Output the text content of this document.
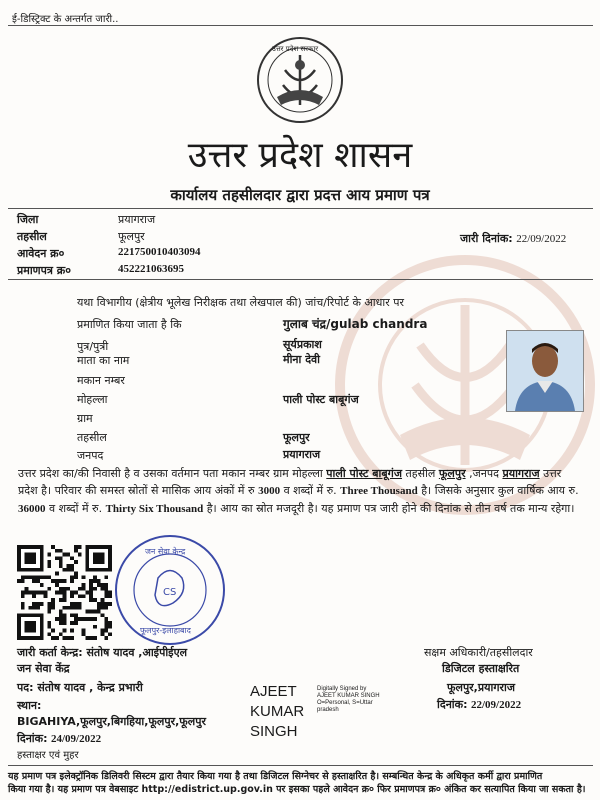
ई-डिस्ट्रिक्ट के अन्तर्गत जारी..
उत्तर प्रदेश सरकार
उत्तर प्रदेश शासन
कार्यालय तहसीलदार द्वारा प्रदत्त आय प्रमाण पत्र
जिला	प्रयागराज
तहसील	फूलपुर
आवेदन क्र०	221750010403094
प्रमाणपत्र क्र०	452221063695
जारी दिनांक: 22/09/2022
यथा विभागीय (क्षेत्रीय भूलेख निरीक्षक तथा लेखपाल की) जांच/रिपोर्ट के आधार पर
प्रमाणित किया जाता है कि	गुलाब चंद्र/gulab chandra
पुत्र/पुत्री	सूर्यप्रकाश
माता का नाम	मीना देवी
मकान नम्बर
मोहल्ला	पाली पोस्ट बाबूगंज
ग्राम
तहसील	फूलपुर
जनपद	प्रयागराज
उत्तर प्रदेश का/की निवासी है व उसका वर्तमान पता मकान नम्बर ग्राम मोहल्ला पाली पोस्ट बाबूगंज तहसील फूलपुर ,जनपद प्रयागराज उत्तर प्रदेश है। परिवार की समस्त स्रोतों से मासिक आय अंकों में रु 3000 व शब्दों में रु. Three Thousand है। जिसके अनुसार कुल वार्षिक आय रु. 36000 व शब्दों में रु. Thirty Six Thousand है। आय का स्रोत मजदूरी है। यह प्रमाण पत्र जारी होने की दिनांक से तीन वर्ष तक मान्य रहेगा।
CS
जन सेवा केन्द्र
फूलपुर-इलाहाबाद
जारी कर्ता केन्द्र: संतोष यादव ,आईपीईएल
जन सेवा केंद्र
पद: संतोष यादव , केन्द्र प्रभारी
स्थान:
BIGAHIYA,फूलपुर,बिगहिया,फूलपुर,फूलपुर
दिनांक: 24/09/2022
हस्ताक्षर एवं मुहर
AJEET
KUMAR
SINGH
Digitally Signed by
AJEET KUMAR SINGH
O=Personal, S=Uttar
pradesh
सक्षम अधिकारी/तहसीलदार
डिजिटल हस्ताक्षरित
फूलपुर,प्रयागराज
दिनांक: 22/09/2022
यह प्रमाण पत्र इलेक्ट्रॉनिक डिलिवरी सिस्टम द्वारा तैयार किया गया है तथा डिजिटल सिग्नेचर से हस्ताक्षरित है। सम्बन्धित केन्द्र के अधिकृत कर्मी द्वारा प्रमाणित
किया गया है। यह प्रमाण पत्र वेबसाइट http://edistrict.up.gov.in पर इसका पहले आवेदन क्र० फिर प्रमाणपत्र क्र० अंकित कर सत्यापित किया जा सकता है।
